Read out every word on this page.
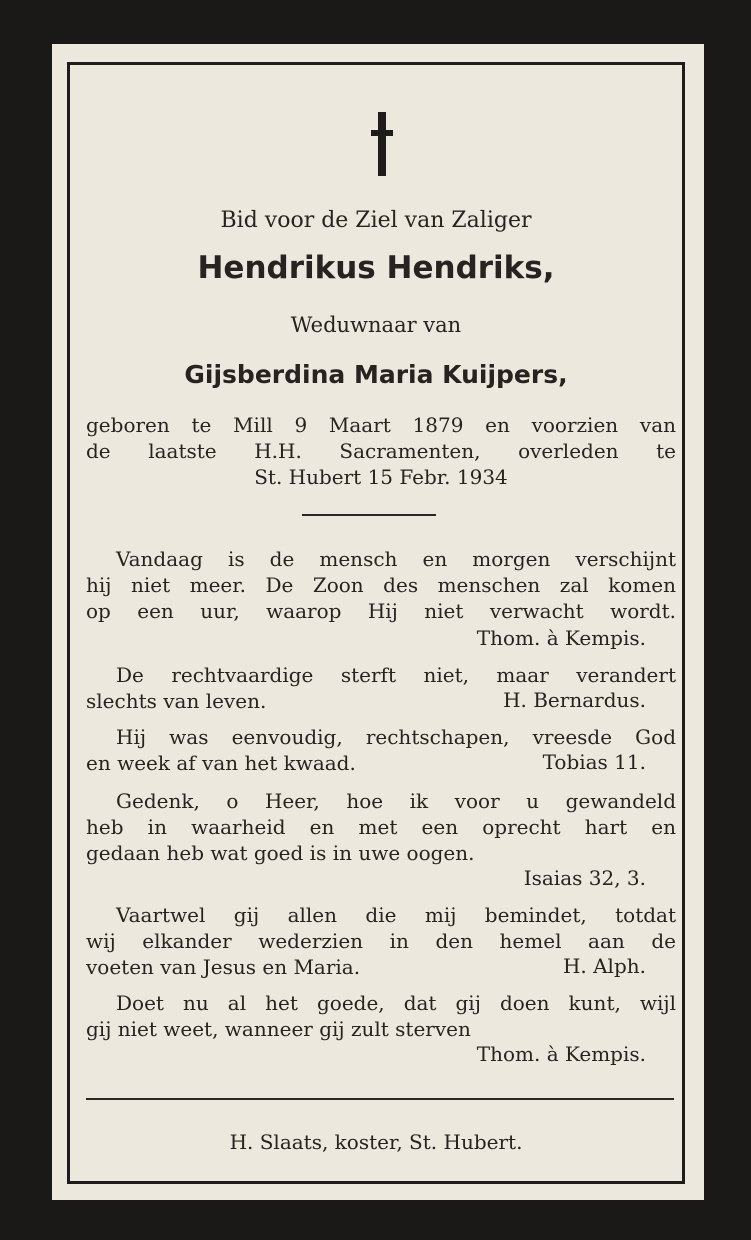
Bid voor de Ziel van Zaliger
Hendrikus Hendriks,
Weduwnaar van
Gijsberdina Maria Kuijpers,
geboren te Mill 9 Maart 1879 en voorzien van
de laatste H.H. Sacramenten, overleden te
St. Hubert 15 Febr. 1934
Vandaag is de mensch en morgen verschijnt
hij niet meer. De Zoon des menschen zal komen
op een uur, waarop Hij niet verwacht wordt.
Thom. à Kempis.
De rechtvaardige sterft niet, maar verandert
slechts van leven.	H. Bernardus.
Hij was eenvoudig, rechtschapen, vreesde God
en week af van het kwaad.	Tobias 11.
Gedenk, o Heer, hoe ik voor u gewandeld
heb in waarheid en met een oprecht hart en
gedaan heb wat goed is in uwe oogen.
Isaias 32, 3.
Vaartwel gij allen die mij bemindet, totdat
wij elkander wederzien in den hemel aan de
voeten van Jesus en Maria.	H. Alph.
Doet nu al het goede, dat gij doen kunt, wijl
gij niet weet, wanneer gij zult sterven
Thom. à Kempis.
H. Slaats, koster, St. Hubert.
